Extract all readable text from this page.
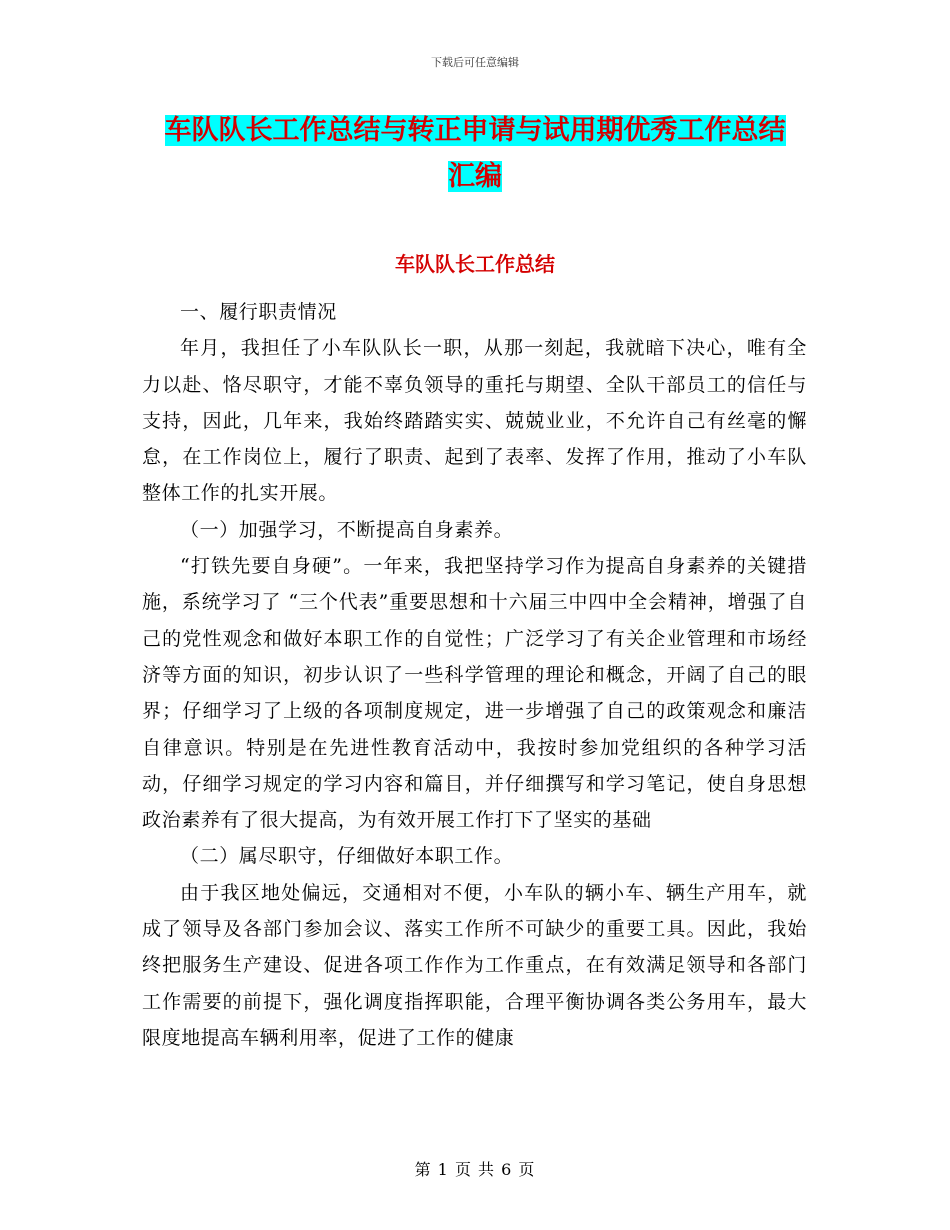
下载后可任意编辑
车队队长工作总结与转正申请与试用期优秀工作总结
汇编
车队队长工作总结

一、履行职责情况

年月，我担任了小车队队长一职，从那一刻起，我就暗下决心，唯有全力以赴、恪尽职守，才能不辜负领导的重托与期望、全队干部员工的信任与支持，因此，几年来，我始终踏踏实实、兢兢业业，不允许自己有丝毫的懈怠，在工作岗位上，履行了职责、起到了表率、发挥了作用，推动了小车队整体工作的扎实开展。

（一）加强学习，不断提高自身素养。

“打铁先要自身硬”。一年来，我把坚持学习作为提高自身素养的关键措施，系统学习了 “三个代表”重要思想和十六届三中四中全会精神，增强了自己的党性观念和做好本职工作的自觉性；广泛学习了有关企业管理和市场经济等方面的知识，初步认识了一些科学管理的理论和概念，开阔了自己的眼界；仔细学习了上级的各项制度规定，进一步增强了自己的政策观念和廉洁自律意识。特别是在先进性教育活动中，我按时参加党组织的各种学习活动，仔细学习规定的学习内容和篇目，并仔细撰写和学习笔记，使自身思想政治素养有了很大提高，为有效开展工作打下了坚实的基础

（二）属尽职守，仔细做好本职工作。

由于我区地处偏远，交通相对不便，小车队的辆小车、辆生产用车，就成了领导及各部门参加会议、落实工作所不可缺少的重要工具。因此，我始终把服务生产建设、促进各项工作作为工作重点，在有效满足领导和各部门工作需要的前提下，强化调度指挥职能，合理平衡协调各类公务用车，最大限度地提高车辆利用率，促进了工作的健康

第 1 页 共 6 页
